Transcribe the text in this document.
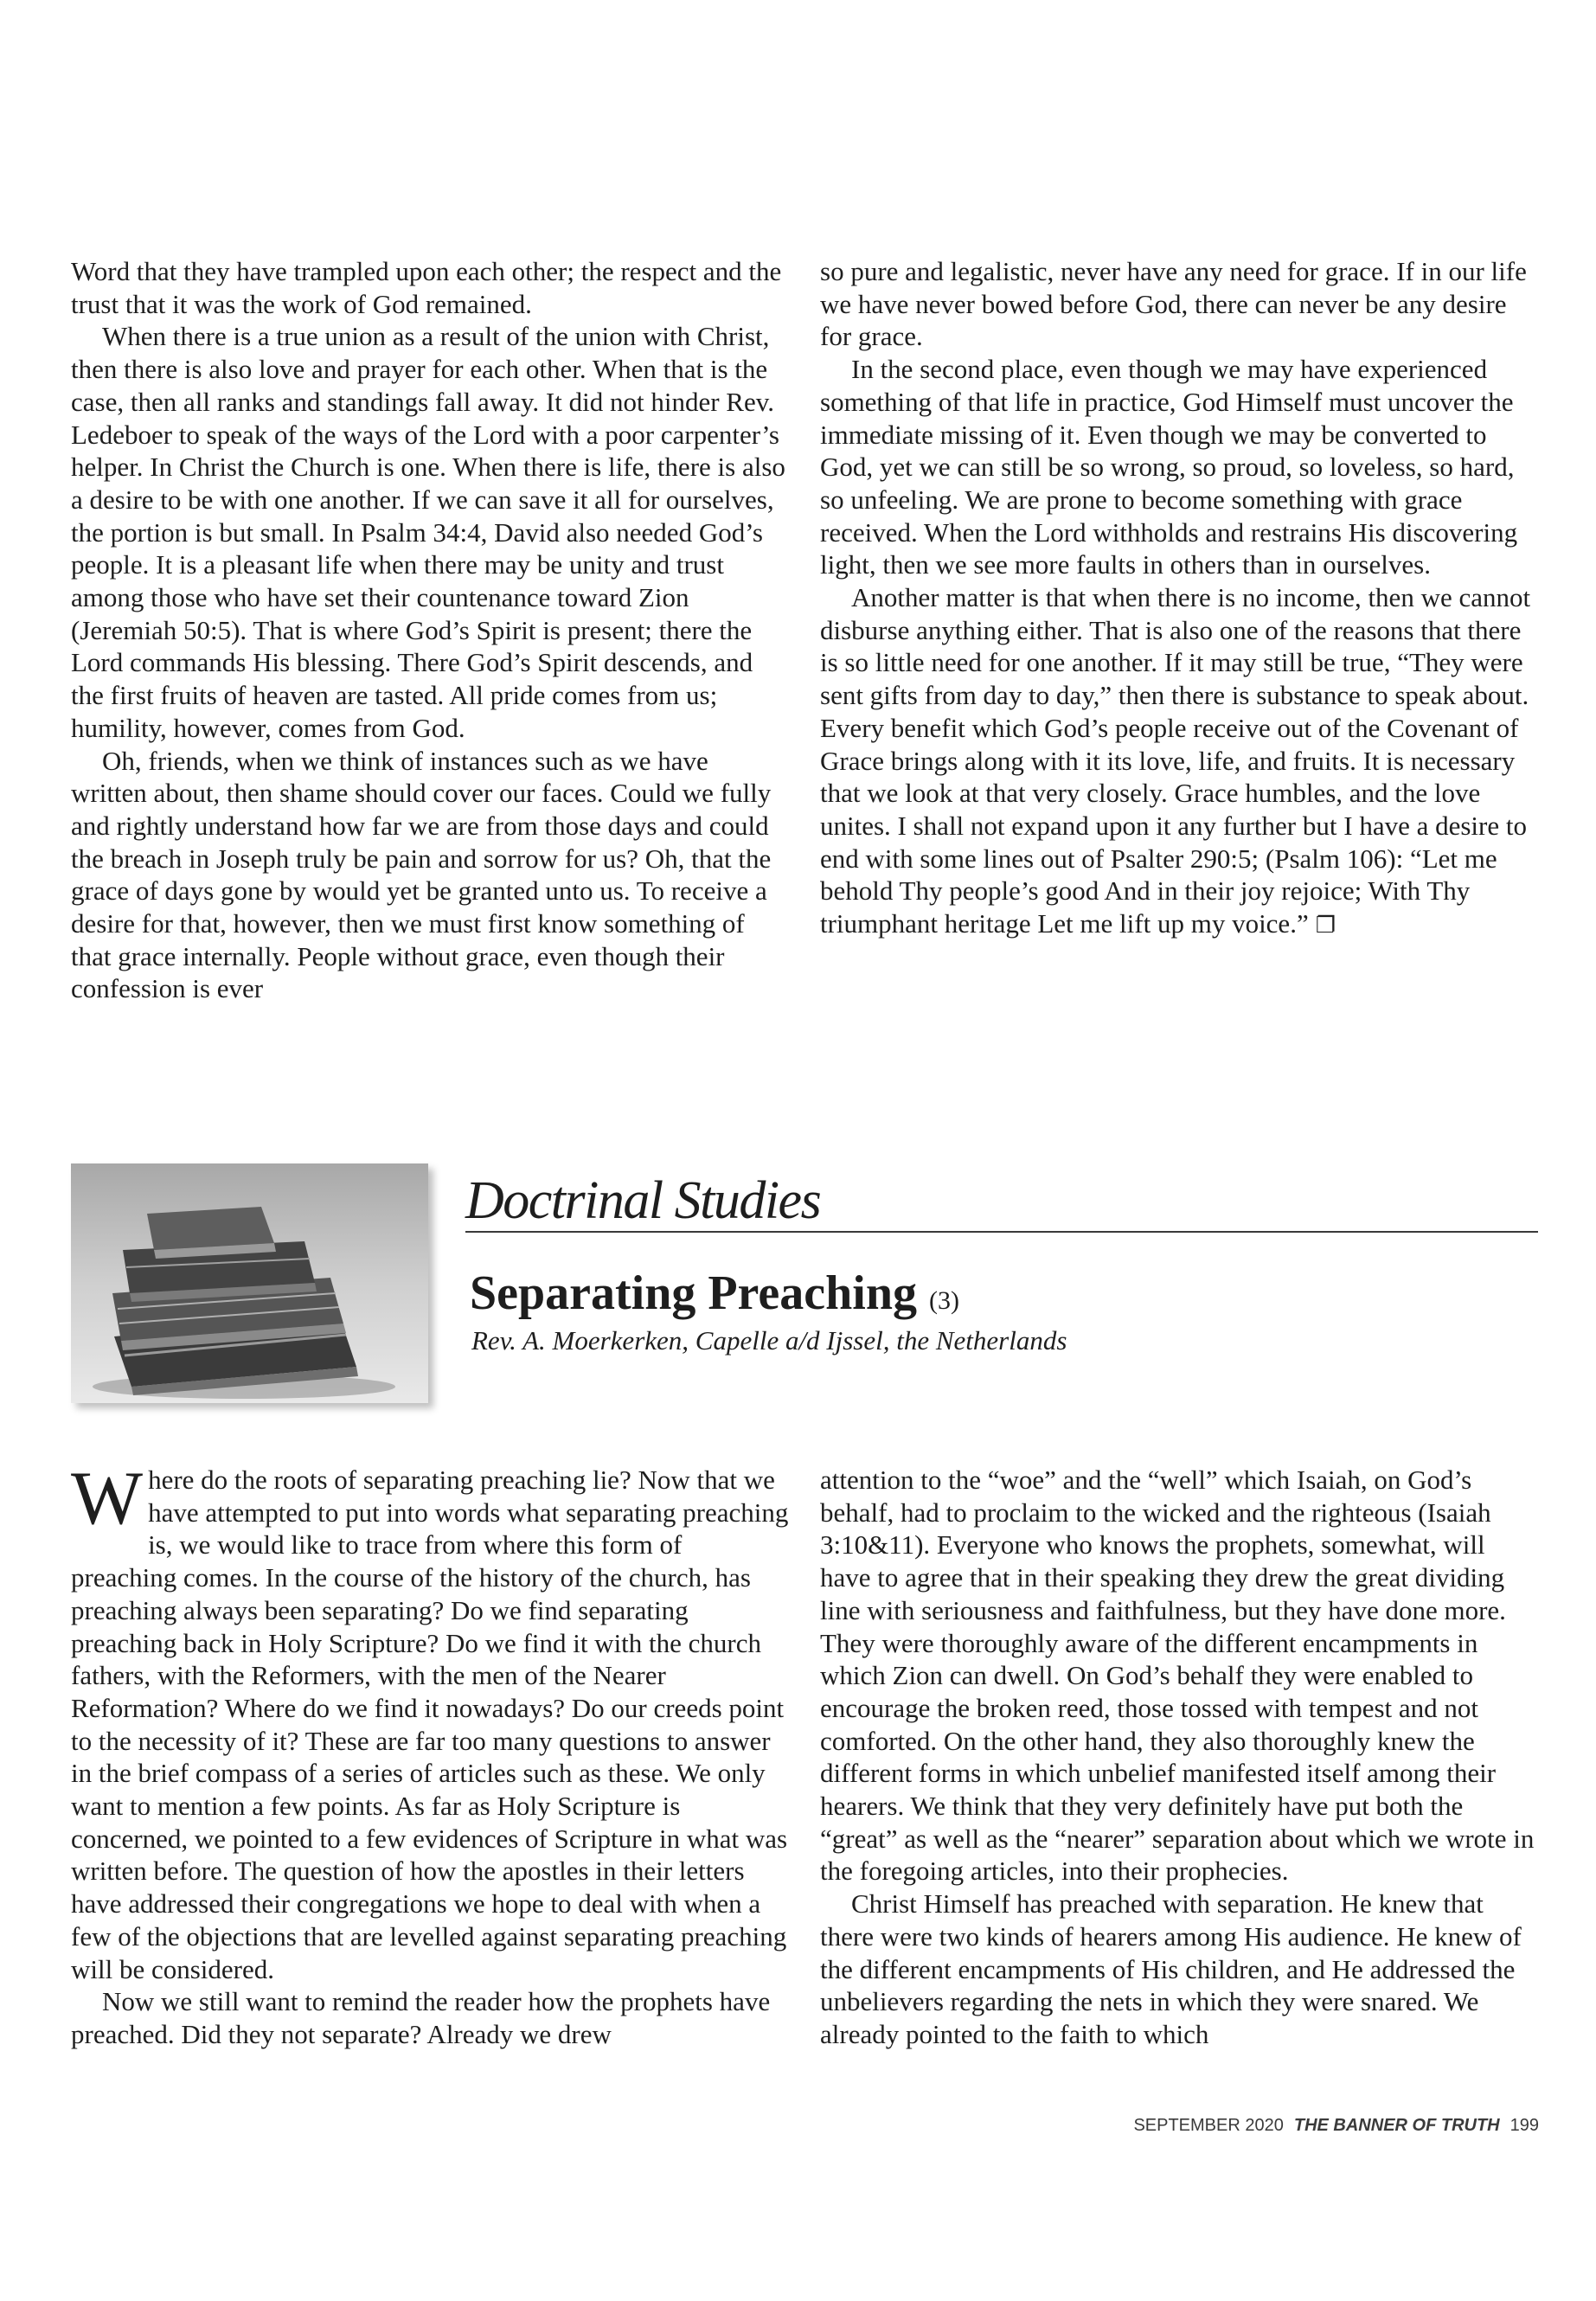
Word that they have trampled upon each other; the respect and the trust that it was the work of God remained.

When there is a true union as a result of the union with Christ, then there is also love and prayer for each other. When that is the case, then all ranks and standings fall away. It did not hinder Rev. Ledeboer to speak of the ways of the Lord with a poor carpenter’s helper. In Christ the Church is one. When there is life, there is also a desire to be with one another. If we can save it all for ourselves, the portion is but small. In Psalm 34:4, David also needed God’s people. It is a pleasant life when there may be unity and trust among those who have set their countenance toward Zion (Jeremiah 50:5). That is where God’s Spirit is present; there the Lord commands His blessing. There God’s Spirit descends, and the first fruits of heaven are tasted. All pride comes from us; humility, however, comes from God.

Oh, friends, when we think of instances such as we have written about, then shame should cover our faces. Could we fully and rightly understand how far we are from those days and could the breach in Joseph truly be pain and sorrow for us? Oh, that the grace of days gone by would yet be granted unto us. To receive a desire for that, however, then we must first know something of that grace internally. People without grace, even though their confession is ever

so pure and legalistic, never have any need for grace. If in our life we have never bowed before God, there can never be any desire for grace.

In the second place, even though we may have experienced something of that life in practice, God Himself must uncover the immediate missing of it. Even though we may be converted to God, yet we can still be so wrong, so proud, so loveless, so hard, so unfeeling. We are prone to become something with grace received. When the Lord withholds and restrains His discovering light, then we see more faults in others than in ourselves.

Another matter is that when there is no income, then we cannot disburse anything either. That is also one of the reasons that there is so little need for one another. If it may still be true, “They were sent gifts from day to day,” then there is substance to speak about. Every benefit which God’s people receive out of the Covenant of Grace brings along with it its love, life, and fruits. It is necessary that we look at that very closely. Grace humbles, and the love unites. I shall not expand upon it any further but I have a desire to end with some lines out of Psalter 290:5; (Psalm 106): “Let me behold Thy people’s good And in their joy rejoice; With Thy triumphant heritage Let me lift up my voice.” ❐

Doctrinal Studies
Separating Preaching (3)
Rev. A. Moerkerken, Capelle a/d Ijssel, the Netherlands

Where do the roots of separating preaching lie? Now that we have attempted to put into words what separating preaching is, we would like to trace from where this form of preaching comes. In the course of the history of the church, has preaching always been separating? Do we find separating preaching back in Holy Scripture? Do we find it with the church fathers, with the Reformers, with the men of the Nearer Reformation? Where do we find it nowadays? Do our creeds point to the necessity of it? These are far too many questions to answer in the brief compass of a series of articles such as these. We only want to mention a few points. As far as Holy Scripture is concerned, we pointed to a few evidences of Scripture in what was written before. The question of how the apostles in their letters have addressed their congregations we hope to deal with when a few of the objections that are levelled against separating preaching will be considered.

Now we still want to remind the reader how the prophets have preached. Did they not separate? Already we drew

attention to the “woe” and the “well” which Isaiah, on God’s behalf, had to proclaim to the wicked and the righteous (Isaiah 3:10&11). Everyone who knows the prophets, somewhat, will have to agree that in their speaking they drew the great dividing line with seriousness and faithfulness, but they have done more. They were thoroughly aware of the different encampments in which Zion can dwell. On God’s behalf they were enabled to encourage the broken reed, those tossed with tempest and not comforted. On the other hand, they also thoroughly knew the different forms in which unbelief manifested itself among their hearers. We think that they very definitely have put both the “great” as well as the “nearer” separation about which we wrote in the foregoing articles, into their prophecies.

Christ Himself has preached with separation. He knew that there were two kinds of hearers among His audience. He knew of the different encampments of His children, and He addressed the unbelievers regarding the nets in which they were snared. We already pointed to the faith to which

SEPTEMBER 2020 THE BANNER OF TRUTH 199
